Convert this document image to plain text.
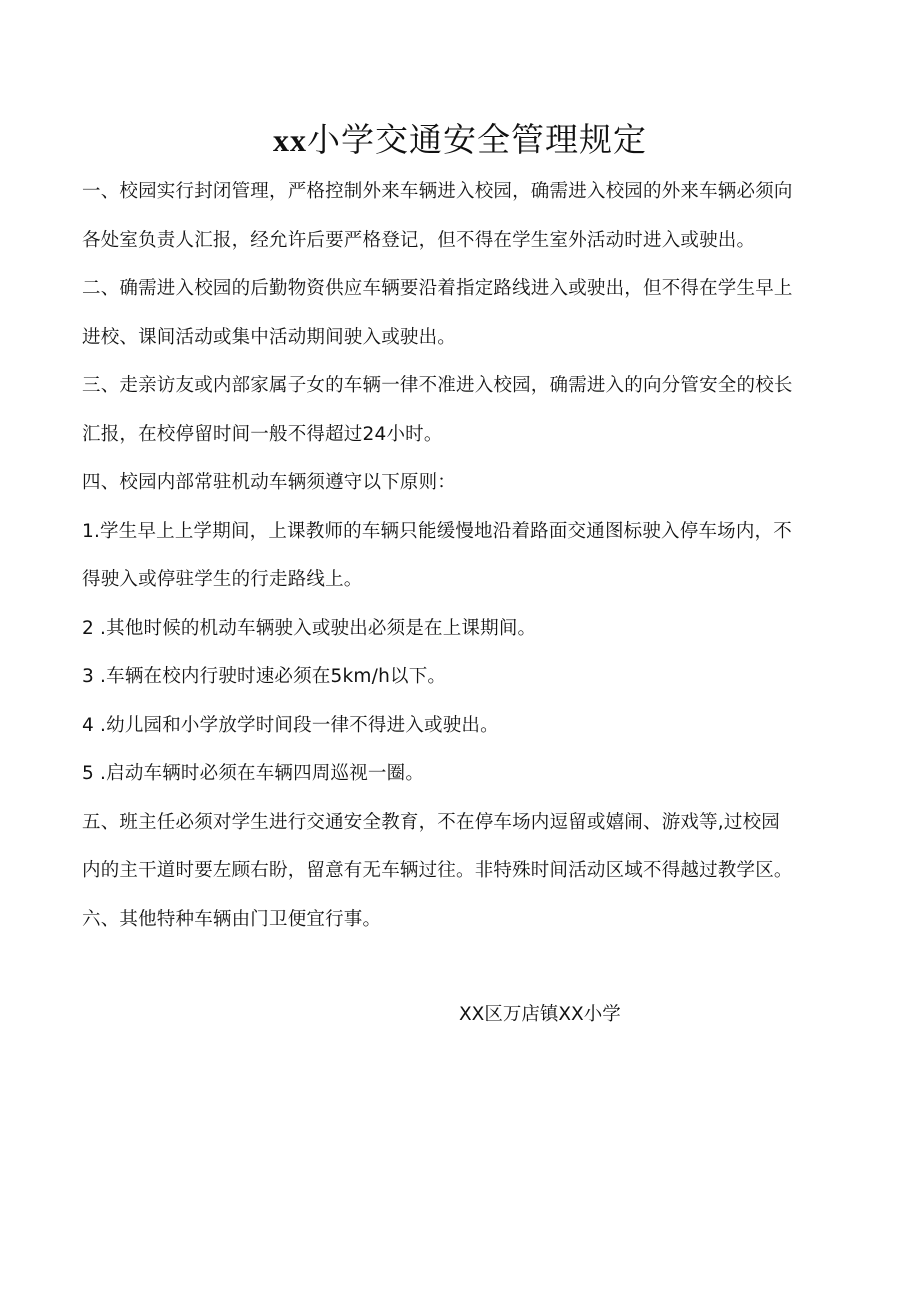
xx小学交通安全管理规定
一、校园实行封闭管理，严格控制外来车辆进入校园，确需进入校园的外来车辆必须向
各处室负责人汇报，经允许后要严格登记，但不得在学生室外活动时进入或驶出。
二、确需进入校园的后勤物资供应车辆要沿着指定路线进入或驶出，但不得在学生早上
进校、课间活动或集中活动期间驶入或驶出。
三、走亲访友或内部家属子女的车辆一律不准进入校园，确需进入的向分管安全的校长
汇报，在校停留时间一般不得超过24小时。
四、校园内部常驻机动车辆须遵守以下原则：
1.学生早上上学期间，上课教师的车辆只能缓慢地沿着路面交通图标驶入停车场内，不
得驶入或停驻学生的行走路线上。
2 .其他时候的机动车辆驶入或驶出必须是在上课期间。
3 .车辆在校内行驶时速必须在5km/h以下。
4 .幼儿园和小学放学时间段一律不得进入或驶出。
5 .启动车辆时必须在车辆四周巡视一圈。
五、班主任必须对学生进行交通安全教育，不在停车场内逗留或嬉闹、游戏等,过校园
内的主干道时要左顾右盼，留意有无车辆过往。非特殊时间活动区域不得越过教学区。
六、其他特种车辆由门卫便宜行事。
XX区万店镇XX小学
